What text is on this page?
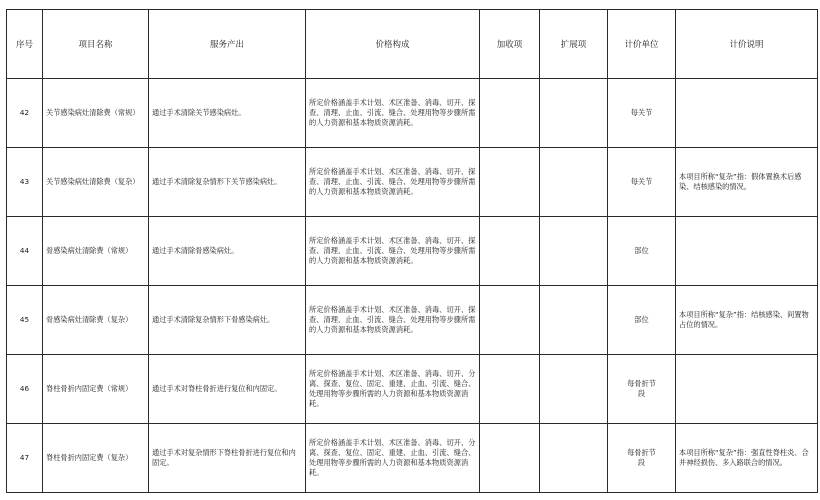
序号	项目名称	服务产出	价格构成	加收项	扩展项	计价单位	计价说明
42	关节感染病灶清除费（常规）	通过手术清除关节感染病灶。	所定价格涵盖手术计划、术区准备、消毒、切开、探查、清理、止血、引流、缝合、处理用物等步骤所需的人力资源和基本物质资源消耗。			每关节	
43	关节感染病灶清除费（复杂）	通过手术清除复杂情形下关节感染病灶。	所定价格涵盖手术计划、术区准备、消毒、切开、探查、清理、止血、引流、缝合、处理用物等步骤所需的人力资源和基本物质资源消耗。			每关节	本项目所称“复杂”指：假体置换术后感染、结核感染的情况。
44	骨感染病灶清除费（常规）	通过手术清除骨感染病灶。	所定价格涵盖手术计划、术区准备、消毒、切开、探查、清理、止血、引流、缝合、处理用物等步骤所需的人力资源和基本物质资源消耗。			部位	
45	骨感染病灶清除费（复杂）	通过手术清除复杂情形下骨感染病灶。	所定价格涵盖手术计划、术区准备、消毒、切开、探查、清理、止血、引流、缝合、处理用物等步骤所需的人力资源和基本物质资源消耗。			部位	本项目所称“复杂”指：结核感染、间置物占位的情况。
46	脊柱骨折内固定费（常规）	通过手术对脊柱骨折进行复位和内固定。	所定价格涵盖手术计划、术区准备、消毒、切开、分离、探查、复位、固定、重建、止血、引流、缝合、处理用物等步骤所需的人力资源和基本物质资源消耗。			每骨折节段	
47	脊柱骨折内固定费（复杂）	通过手术对复杂情形下脊柱骨折进行复位和内固定。	所定价格涵盖手术计划、术区准备、消毒、切开、分离、探查、复位、固定、重建、止血、引流、缝合、处理用物等步骤所需的人力资源和基本物质资源消耗。			每骨折节段	本项目所称“复杂”指：强直性脊柱炎、合并神经损伤、多入路联合的情况。
